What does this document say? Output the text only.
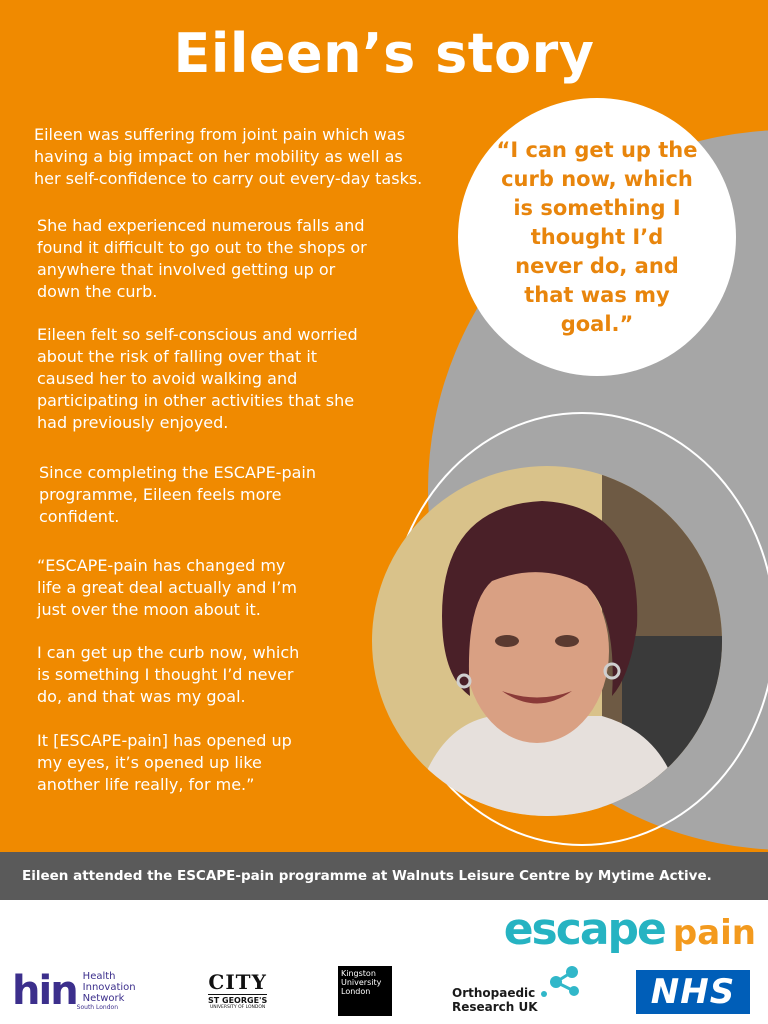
Eileen’s story

Eileen was suffering from joint pain which was
having a big impact on her mobility as well as
her self-confidence to carry out every-day tasks.

She had experienced numerous falls and
found it difficult to go out to the shops or
anywhere that involved getting up or
down the curb.

Eileen felt so self-conscious and worried
about the risk of falling over that it
caused her to avoid walking and
participating in other activities that she
had previously enjoyed.

Since completing the ESCAPE-pain
programme, Eileen feels more
confident.

“ESCAPE-pain has changed my
life a great deal actually and I’m
just over the moon about it.

I can get up the curb now, which
is something I thought I’d never
do, and that was my goal.

It [ESCAPE-pain] has opened up
my eyes, it’s opened up like
another life really, for me.”

“I can get up the
curb now, which
is something I
thought I’d
never do, and
that was my
goal.”

Eileen attended the ESCAPE-pain programme at Walnuts Leisure Centre by Mytime Active.
escape pain
hin Health
Innovation
Network
South London
CITY
ST GEORGE'S
UNIVERSITY OF LONDON
Kingston
University
London	Orthopaedic
Research UK	NHS
